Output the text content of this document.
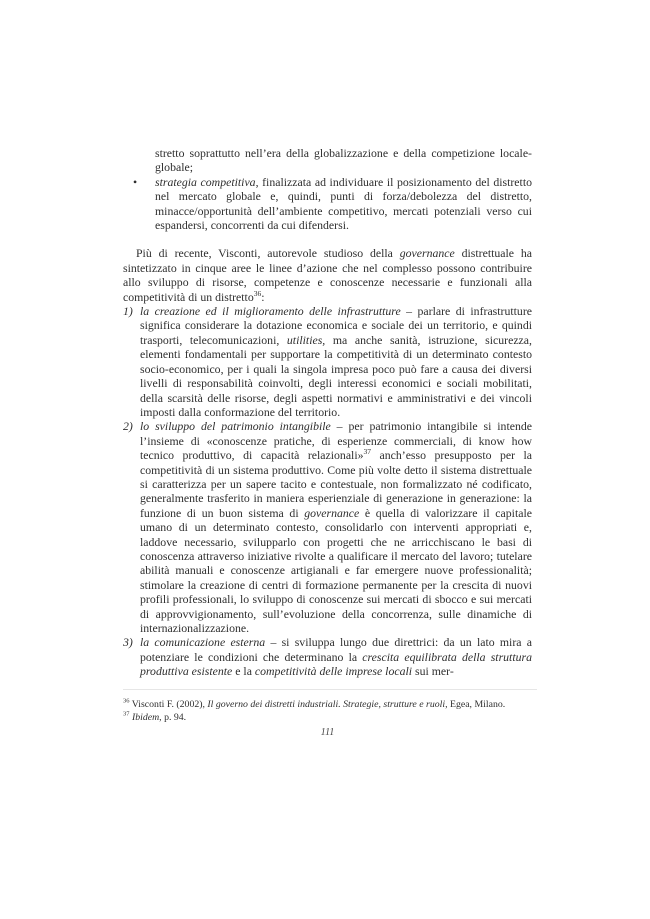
stretto soprattutto nell’era della globalizzazione e della competizione locale-globale;
• strategia competitiva, finalizzata ad individuare il posizionamento del distretto nel mercato globale e, quindi, punti di forza/debolezza del distretto, minacce/opportunità dell’ambiente competitivo, mercati potenziali verso cui espandersi, concorrenti da cui difendersi.
Più di recente, Visconti, autorevole studioso della governance distrettuale ha sintetizzato in cinque aree le linee d’azione che nel complesso possono contribuire allo sviluppo di risorse, competenze e conoscenze necessarie e funzionali alla competitività di un distretto$^{36}$:
1) la creazione ed il miglioramento delle infrastrutture – parlare di infrastrutture significa considerare la dotazione economica e sociale dei un territorio, e quindi trasporti, telecomunicazioni, utilities, ma anche sanità, istruzione, sicurezza, elementi fondamentali per supportare la competitività di un determinato contesto socio-economico, per i quali la singola impresa poco può fare a causa dei diversi livelli di responsabilità coinvolti, degli interessi economici e sociali mobilitati, della scarsità delle risorse, degli aspetti normativi e amministrativi e dei vincoli imposti dalla conformazione del territorio.
2) lo sviluppo del patrimonio intangibile – per patrimonio intangibile si intende l’insieme di «conoscenze pratiche, di esperienze commerciali, di know how tecnico produttivo, di capacità relazionali»$^{37}$ anch’esso presupposto per la competitività di un sistema produttivo. Come più volte detto il sistema distrettuale si caratterizza per un sapere tacito e contestuale, non formalizzato né codificato, generalmente trasferito in maniera esperienziale di generazione in generazione: la funzione di un buon sistema di governance è quella di valorizzare il capitale umano di un determinato contesto, consolidarlo con interventi appropriati e, laddove necessario, svilupparlo con progetti che ne arricchiscano le basi di conoscenza attraverso iniziative rivolte a qualificare il mercato del lavoro; tutelare abilità manuali e conoscenze artigianali e far emergere nuove professionalità; stimolare la creazione di centri di formazione permanente per la crescita di nuovi profili professionali, lo sviluppo di conoscenze sui mercati di sbocco e sui mercati di approvvigionamento, sull’evoluzione della concorrenza, sulle dinamiche di internazionalizzazione.
3) la comunicazione esterna – si sviluppa lungo due direttrici: da un lato mira a potenziare le condizioni che determinano la crescita equilibrata della struttura produttiva esistente e la competitività delle imprese locali sui mer-
$^{36}$ Visconti F. (2002), Il governo dei distretti industriali. Strategie, strutture e ruoli, Egea, Milano.
$^{37}$ Ibidem, p. 94.
111
